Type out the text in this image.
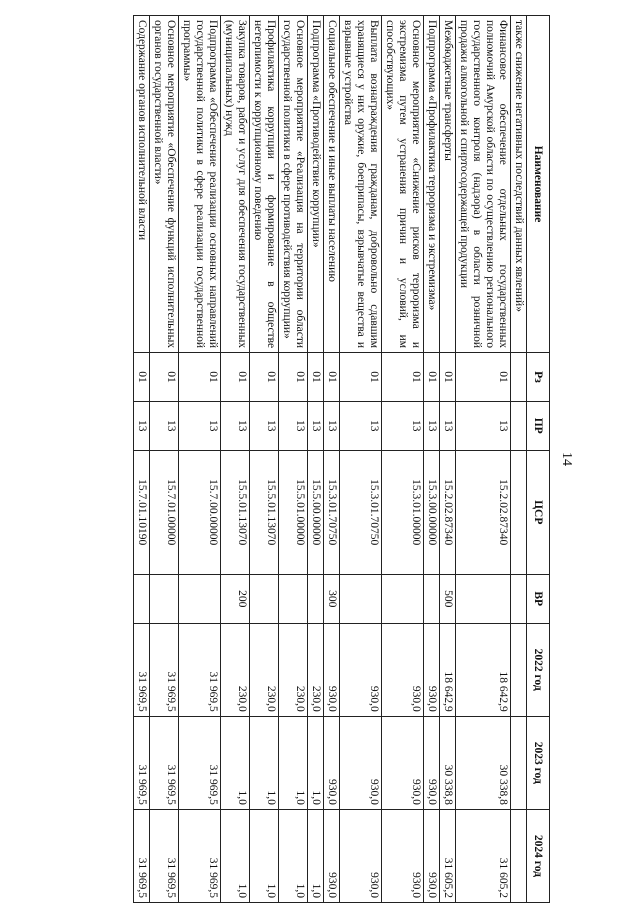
14
Наименование	Рз	ПР	ЦСР	ВР	2022 год	2023 год	2024 год
также снижение негативных последствий данных явлений»							
Финансовое обеспечение отдельных государственных полномочий Амурской области по осуществлению регионального государственного контроля (надзора) в области розничной продажи алкогольной и спиртосодержащей продукции	01	13	15.2.02.87340		18 642,9	30 338,8	31 605,2
Межбюджетные трансферты	01	13	15.2.02.87340	500	18 642,9	30 338,8	31 605,2
Подпрограмма «Профилактика терроризма и экстремизма»	01	13	15.3.00.00000		930,0	930,0	930,0
Основное мероприятие «Снижение рисков терроризма и экстремизма путем устранения причин и условий, им способствующих»	01	13	15.3.01.00000		930,0	930,0	930,0
Выплата вознаграждения гражданам, добровольно сдавшим хранящиеся у них оружие, боеприпасы, взрывчатые вещества и взрывные устройства	01	13	15.3.01.70750		930,0	930,0	930,0
Социальное обеспечение и иные выплаты населению	01	13	15.3.01.70750	300	930,0	930,0	930,0
Подпрограмма «Противодействие коррупции»	01	13	15.5.00.00000		230,0	1,0	1,0
Основное мероприятие «Реализация на территории области государственной политики в сфере противодействия коррупции»	01	13	15.5.01.00000		230,0	1,0	1,0
Профилактика коррупции и формирование в обществе нетерпимости к коррупционному поведению	01	13	15.5.01.13070		230,0	1,0	1,0
Закупка товаров, работ и услуг для обеспечения государственных (муниципальных) нужд	01	13	15.5.01.13070	200	230,0	1,0	1,0
Подпрограмма «Обеспечение реализации основных направлений государственной политики в сфере реализации государственной программы»	01	13	15.7.00.00000		31 969,5	31 969,5	31 969,5
Основное мероприятие «Обеспечение функций исполнительных органов государственной власти»	01	13	15.7.01.00000		31 969,5	31 969,5	31 969,5
Содержание органов исполнительной власти	01	13	15.7.01.10190		31 969,5	31 969,5	31 969,5
